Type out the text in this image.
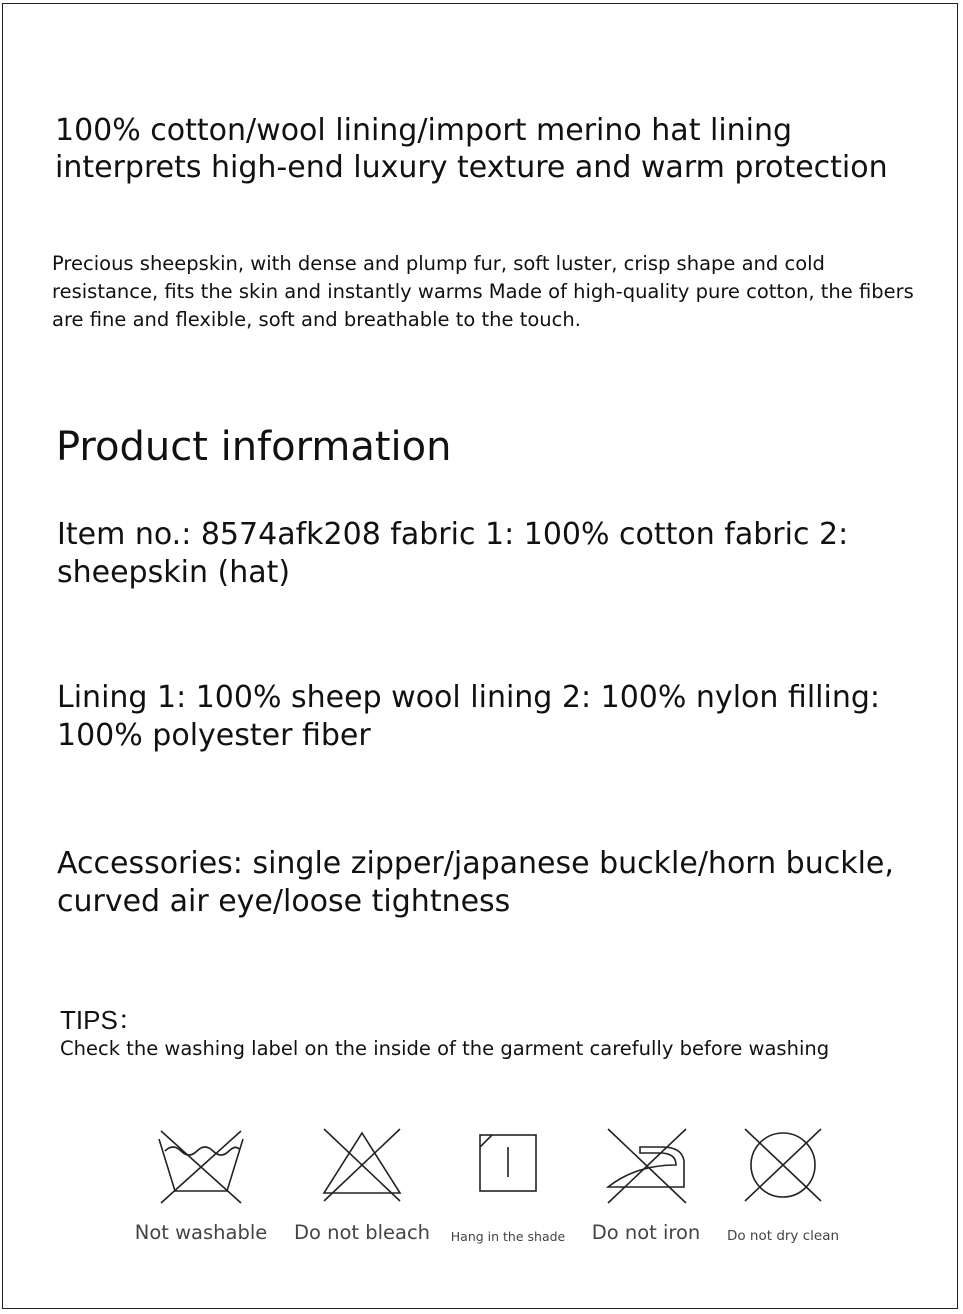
100% cotton/wool lining/import merino hat lining interprets high-end luxury texture and warm protection

Precious sheepskin, with dense and plump fur, soft luster, crisp shape and cold resistance, fits the skin and instantly warms Made of high-quality pure cotton, the fibers are fine and flexible, soft and breathable to the touch.

Product information

Item no.: 8574afk208 fabric 1: 100% cotton fabric 2: sheepskin (hat)

Lining 1: 100% sheep wool lining 2: 100% nylon filling: 100% polyester fiber

Accessories: single zipper/japanese buckle/horn buckle, curved air eye/loose tightness

TIPS：

Check the washing label on the inside of the garment carefully before washing

Not washable	Do not bleach	Hang in the shade	Do not iron	Do not dry clean
